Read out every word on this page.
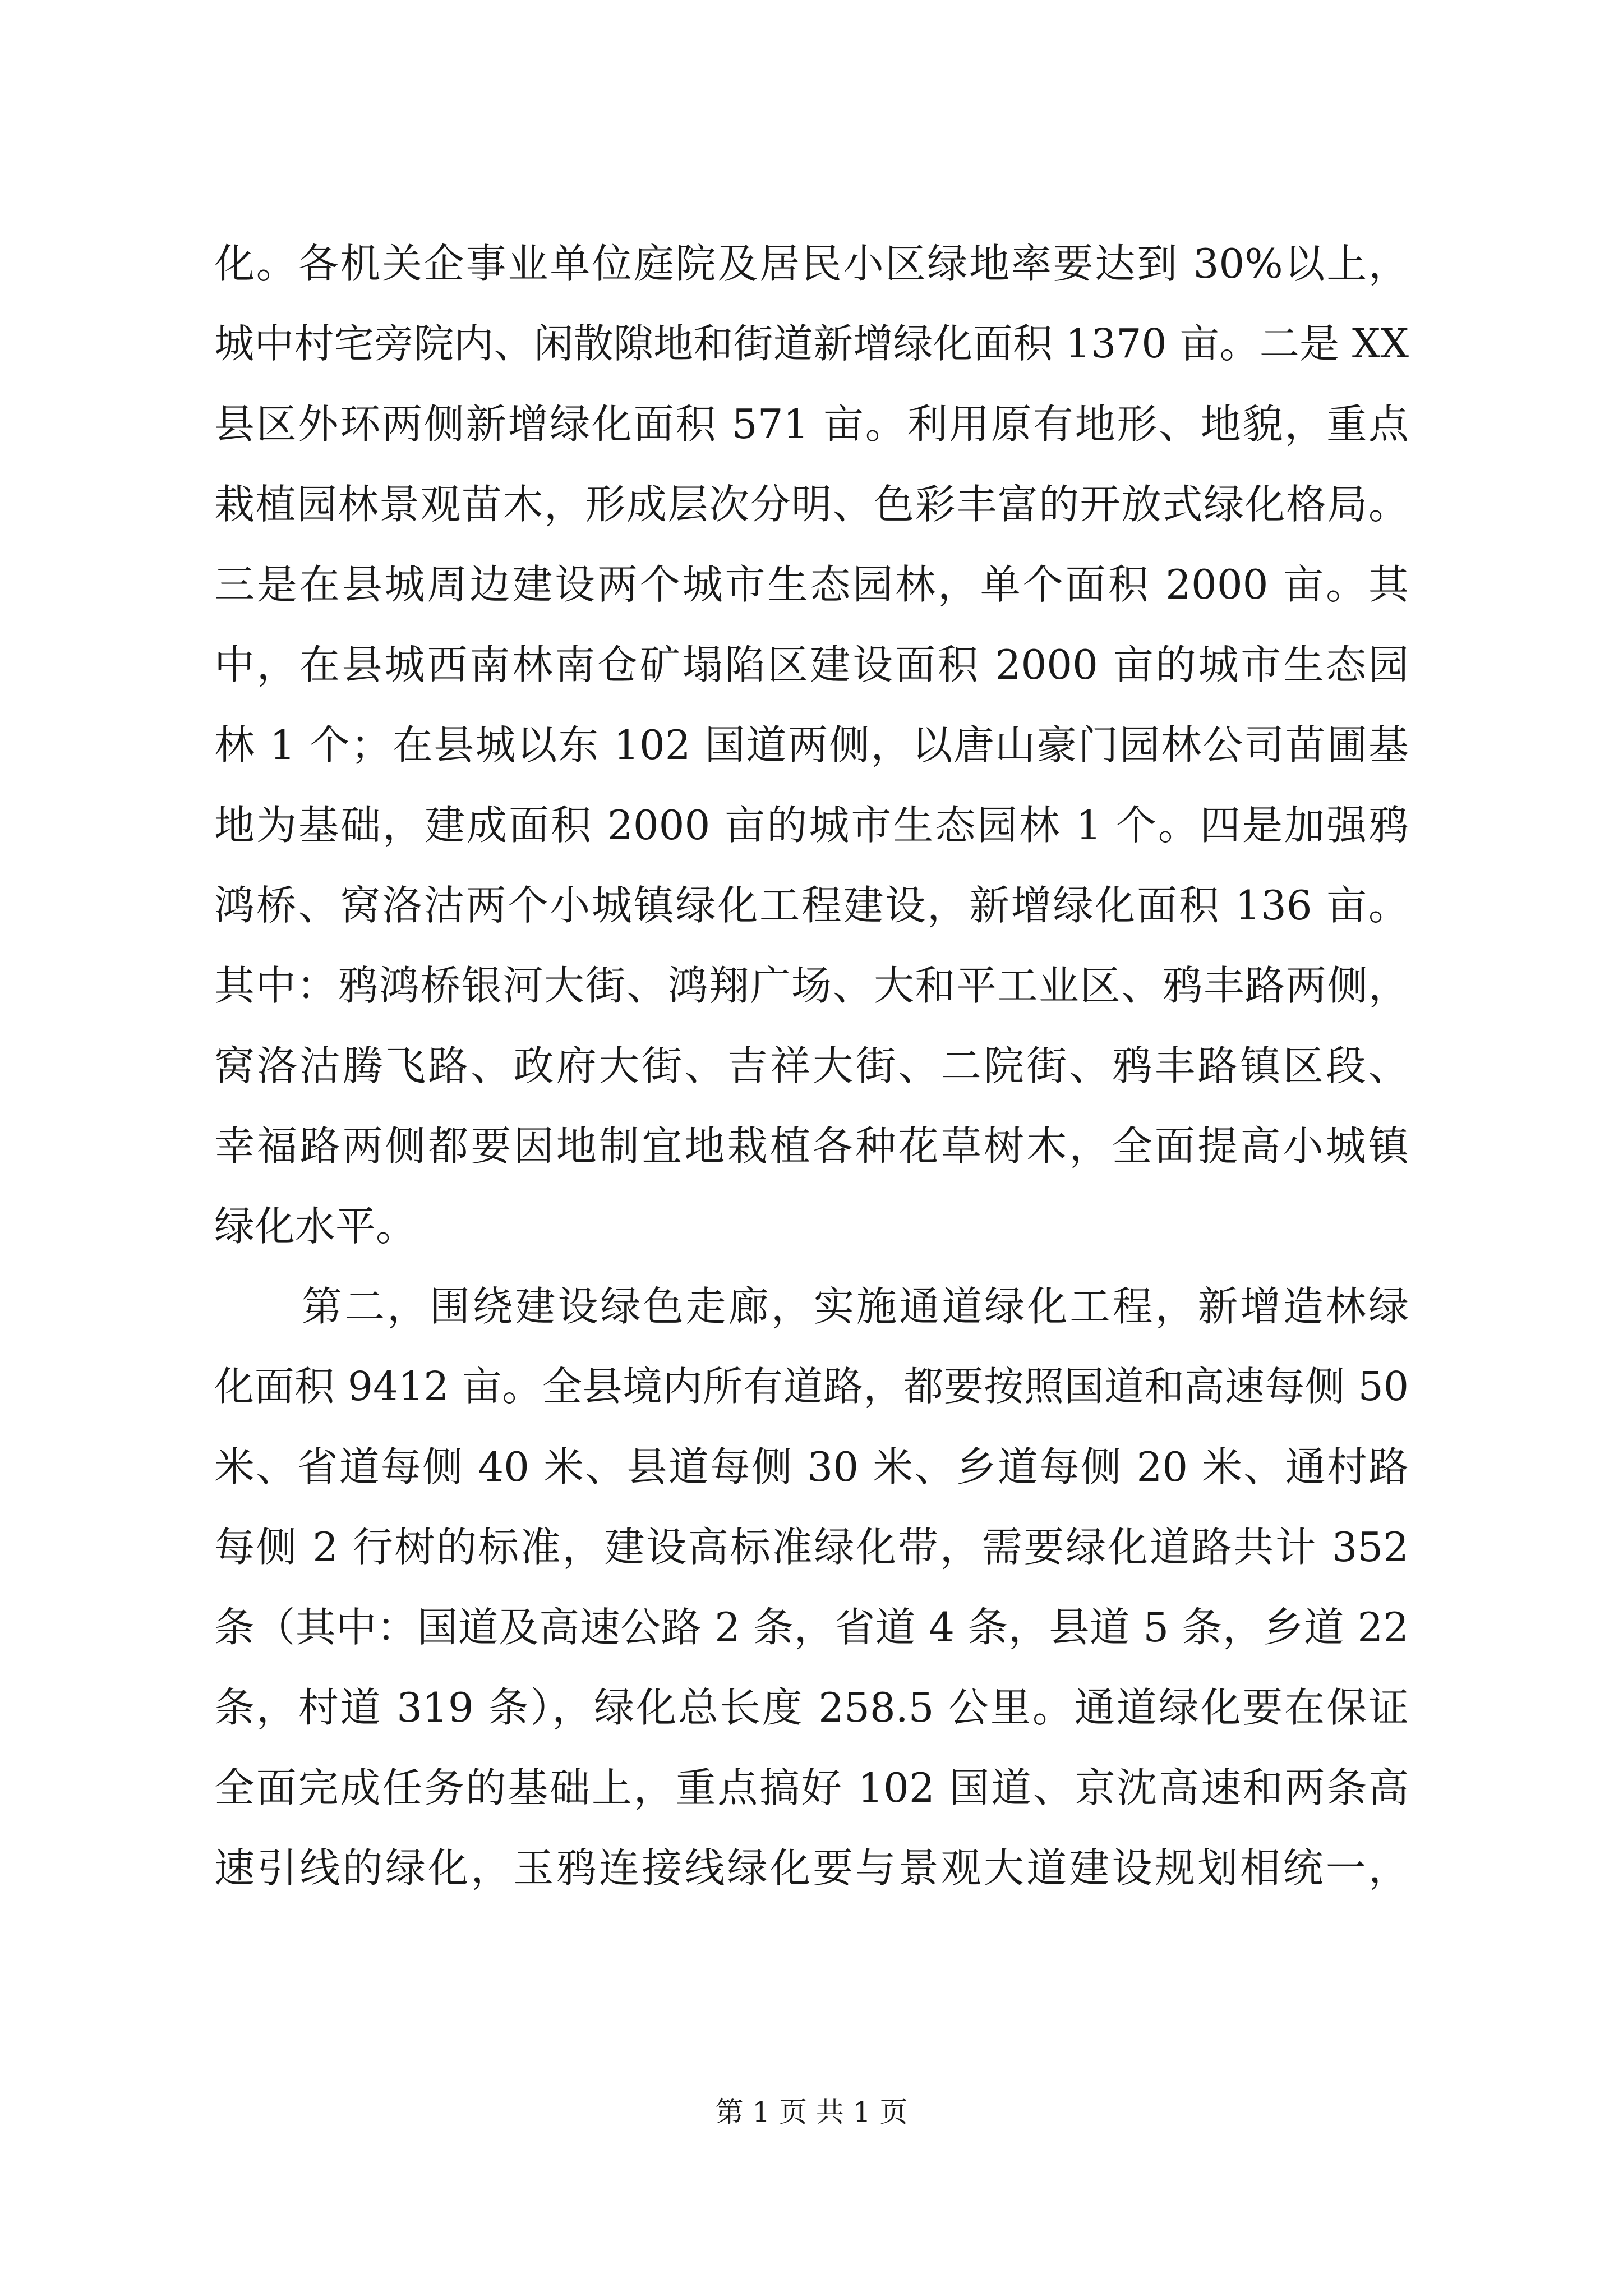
化。各机关企事业单位庭院及居民小区绿地率要达到 30%以上，
城中村宅旁院内、闲散隙地和街道新增绿化面积 1370 亩。二是 XX
县区外环两侧新增绿化面积 571 亩。利用原有地形、地貌，重点
栽植园林景观苗木，形成层次分明、色彩丰富的开放式绿化格局。
三是在县城周边建设两个城市生态园林，单个面积 2000 亩。其
中，在县城西南林南仓矿塌陷区建设面积 2000 亩的城市生态园
林 1 个；在县城以东 102 国道两侧，以唐山豪门园林公司苗圃基
地为基础，建成面积 2000 亩的城市生态园林 1 个。四是加强鸦
鸿桥、窝洛沽两个小城镇绿化工程建设，新增绿化面积 136 亩。
其中：鸦鸿桥银河大街、鸿翔广场、大和平工业区、鸦丰路两侧，
窝洛沽腾飞路、政府大街、吉祥大街、二院街、鸦丰路镇区段、
幸福路两侧都要因地制宜地栽植各种花草树木，全面提高小城镇
绿化水平。
第二，围绕建设绿色走廊，实施通道绿化工程，新增造林绿
化面积 9412 亩。全县境内所有道路，都要按照国道和高速每侧 50
米、省道每侧 40 米、县道每侧 30 米、乡道每侧 20 米、通村路
每侧 2 行树的标准，建设高标准绿化带，需要绿化道路共计 352
条（其中：国道及高速公路 2 条，省道 4 条，县道 5 条，乡道 22
条，村道 319 条），绿化总长度 258.5 公里。通道绿化要在保证
全面完成任务的基础上，重点搞好 102 国道、京沈高速和两条高
速引线的绿化，玉鸦连接线绿化要与景观大道建设规划相统一，
第 1 页 共 1 页
